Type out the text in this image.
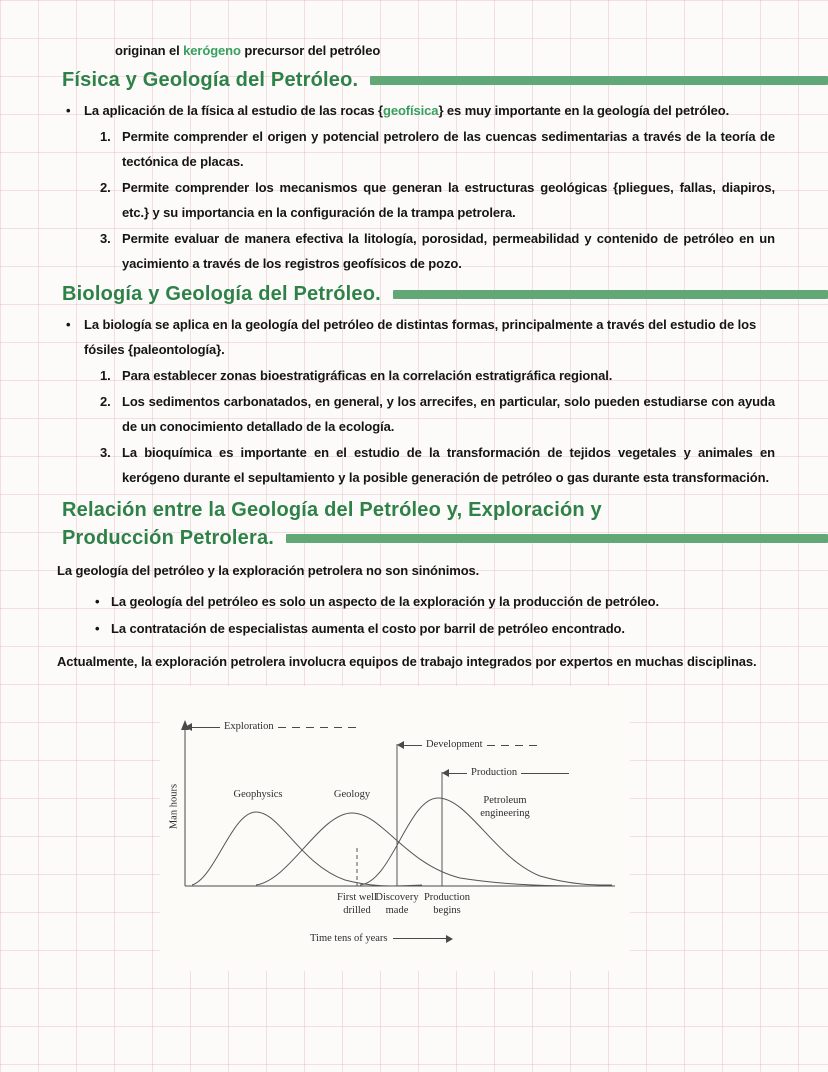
originan el kerógeno precursor del petróleo
Física y Geología del Petróleo.
•	La aplicación de la física al estudio de las rocas {geofísica} es muy importante en la geología del petróleo.
1. Permite comprender el origen y potencial petrolero de las cuencas sedimentarias a través de la teoría de tectónica de placas.
2. Permite comprender los mecanismos que generan la estructuras geológicas {pliegues, fallas, diapiros, etc.} y su importancia en la configuración de la trampa petrolera.
3. Permite evaluar de manera efectiva la litología, porosidad, permeabilidad y contenido de petróleo en un yacimiento a través de los registros geofísicos de pozo.
Biología y Geología del Petróleo.
•	La biología se aplica en la geología del petróleo de distintas formas, principalmente a través del estudio de los fósiles {paleontología}.
1. Para establecer zonas bioestratigráficas en la correlación estratigráfica regional.
2. Los sedimentos carbonatados, en general, y los arrecifes, en particular, solo pueden estudiarse con ayuda de un conocimiento detallado de la ecología.
3. La bioquímica es importante en el estudio de la transformación de tejidos vegetales y animales en kerógeno durante el sepultamiento y la posible generación de petróleo o gas durante esta transformación.
Relación entre la Geología del Petróleo y, Exploración y
Producción Petrolera.
La geología del petróleo y la exploración petrolera no son sinónimos.
• La geología del petróleo es solo un aspecto de la exploración y la producción de petróleo.
• La contratación de especialistas aumenta el costo por barril de petróleo encontrado.
Actualmente, la exploración petrolera involucra equipos de trabajo integrados por expertos en muchas disciplinas.
Man hours
Exploration
Development
Production
Geophysics	Geology
Petroleum engineering
First well drilled
Discovery made
Production begins
Time tens of years
